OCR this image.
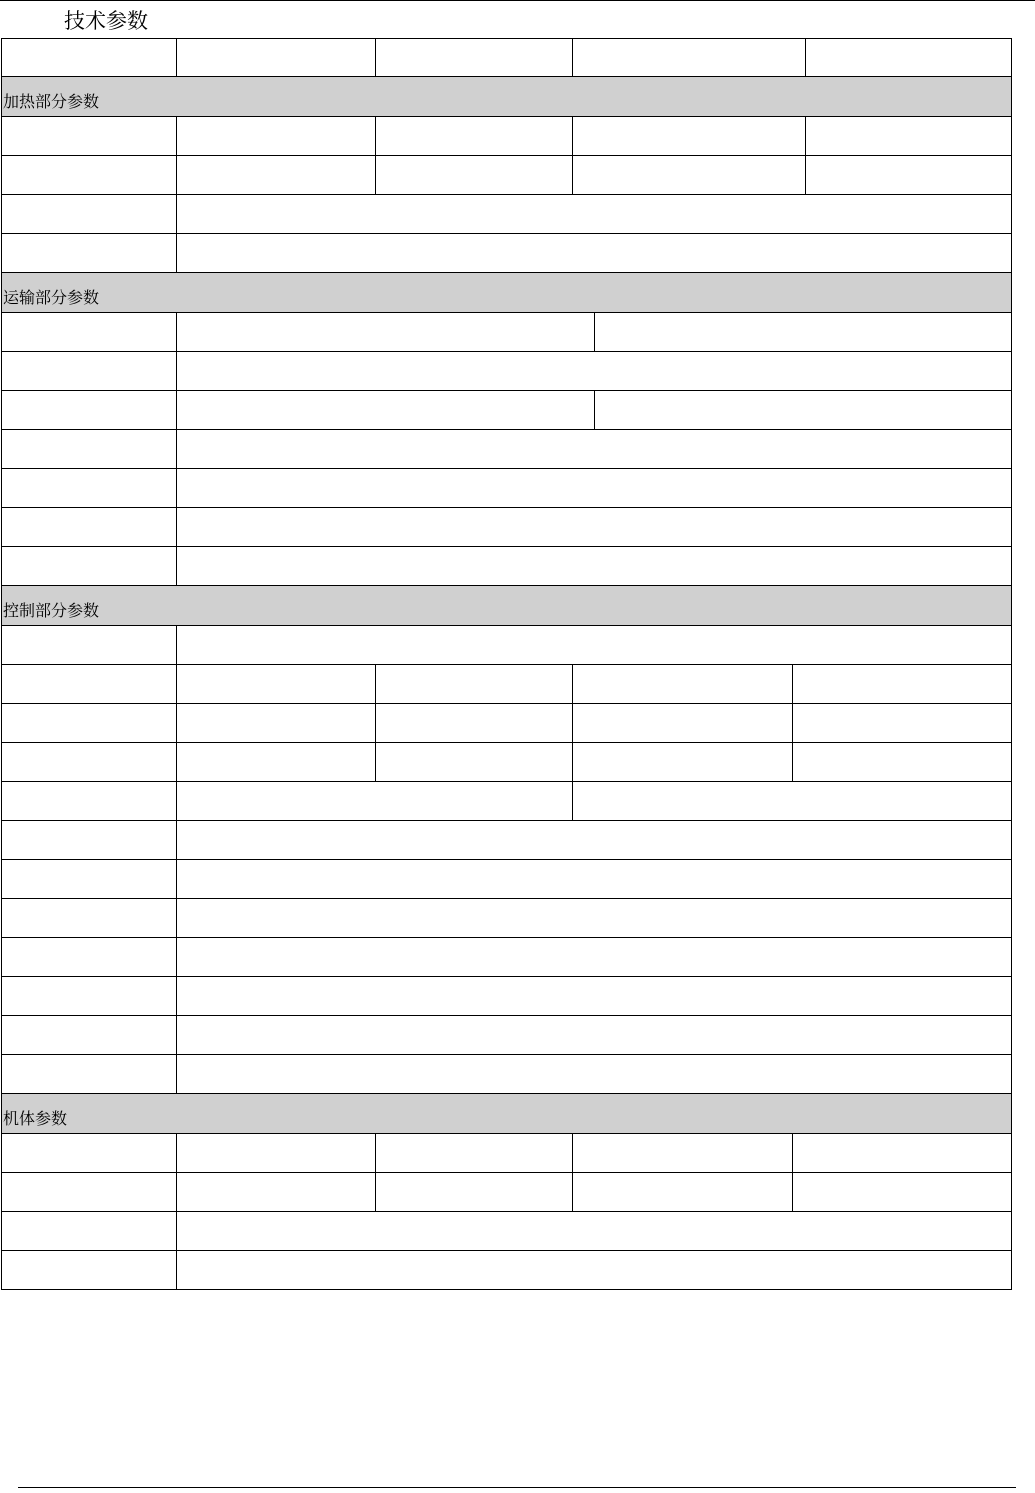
技术参数
加热部分参数
运输部分参数
控制部分参数
机体参数
